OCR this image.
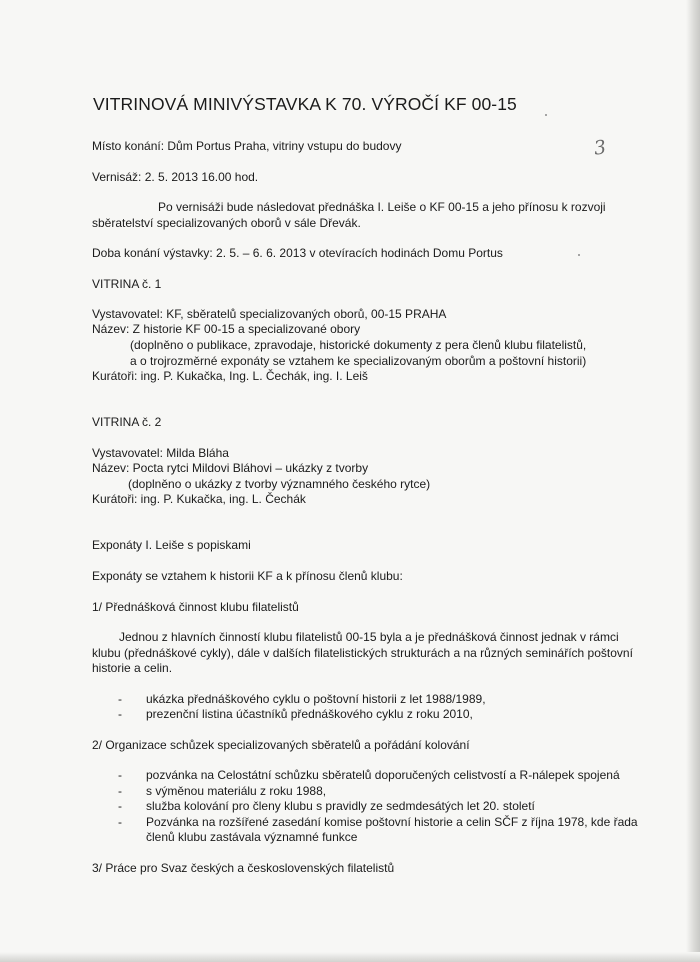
VITRINOVÁ MINIVÝSTAVKA K 70. VÝROČÍ KF 00-15
3
Místo konání: Dům Portus Praha, vitriny vstupu do budovy
Vernisáž: 2. 5. 2013 16.00 hod.
Po vernisáži bude následovat přednáška I. Leiše o KF 00-15 a jeho přínosu k rozvoji
sběratelství specializovaných oborů v sále Dřevák.
Doba konání výstavky: 2. 5. – 6. 6. 2013 v otevíracích hodinách Domu Portus
VITRINA č. 1
Vystavovatel: KF, sběratelů specializovaných oborů, 00-15 PRAHA
Název: Z historie KF 00-15 a specializované obory
(doplněno o publikace, zpravodaje, historické dokumenty z pera členů klubu filatelistů,
a o trojrozměrné exponáty se vztahem ke specializovaným oborům a poštovní historii)
Kurátoři: ing. P. Kukačka, Ing. L. Čechák, ing. I. Leiš
VITRINA č. 2
Vystavovatel: Milda Bláha
Název: Pocta rytci Mildovi Bláhovi – ukázky z tvorby
(doplněno o ukázky z tvorby významného českého rytce)
Kurátoři: ing. P. Kukačka, ing. L. Čechák
Exponáty I. Leiše s popiskami
Exponáty se vztahem k historii KF a k přínosu členů klubu:
1/ Přednášková činnost klubu filatelistů
Jednou z hlavních činností klubu filatelistů 00-15 byla a je přednášková činnost jednak v rámci
klubu (přednáškové cykly), dále v dalších filatelistických strukturách a na různých seminářích poštovní
historie a celin.
- ukázka přednáškového cyklu o poštovní historii z let 1988/1989,
- prezenční listina účastníků přednáškového cyklu z roku 2010,
2/ Organizace schůzek specializovaných sběratelů a pořádání kolování
- pozvánka na Celostátní schůzku sběratelů doporučených celistvostí a R-nálepek spojená
- s výměnou materiálu z roku 1988,
- služba kolování pro členy klubu s pravidly ze sedmdesátých let 20. století
- Pozvánka na rozšířené zasedání komise poštovní historie a celin SČF z října 1978, kde řada
členů klubu zastávala významné funkce
3/ Práce pro Svaz českých a československých filatelistů
